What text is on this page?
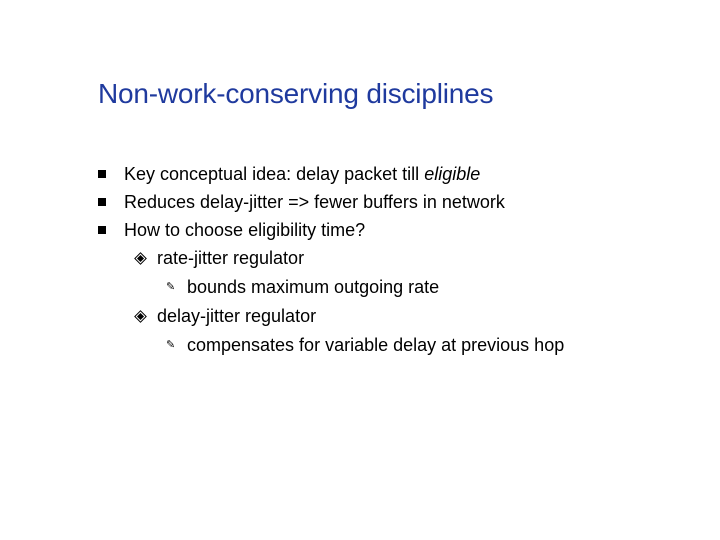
Non-work-conserving disciplines
Key conceptual idea: delay packet till eligible
Reduces delay-jitter => fewer buffers in network
How to choose eligibility time?
rate-jitter regulator
✎ bounds maximum outgoing rate
delay-jitter regulator
✎ compensates for variable delay at previous hop
